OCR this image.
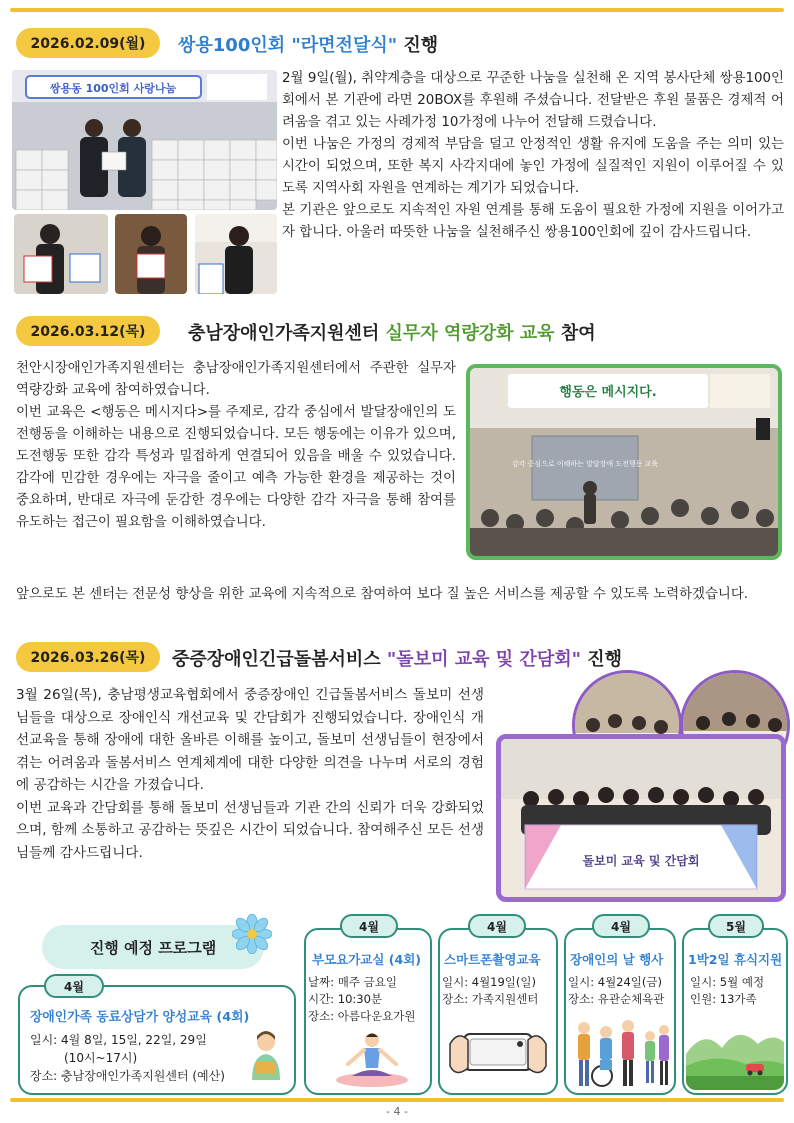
2026.02.09(월)	쌍용100인회 "라면전달식" 진행
쌍용동 100인회 사랑나눔

2월 9일(월), 취약계층을 대상으로 꾸준한 나눔을 실천해 온 지역 봉사단체 쌍용100인회에서 본 기관에 라면 20BOX를 후원해 주셨습니다. 전달받은 후원 물품은 경제적 어려움을 겪고 있는 사례가정 10가정에 나누어 전달해 드렸습니다.

이번 나눔은 가정의 경제적 부담을 덜고 안정적인 생활 유지에 도움을 주는 의미 있는 시간이 되었으며, 또한 복지 사각지대에 놓인 가정에 실질적인 지원이 이루어질 수 있도록 지역사회 자원을 연계하는 계기가 되었습니다.

본 기관은 앞으로도 지속적인 자원 연계를 통해 도움이 필요한 가정에 지원을 이어가고자 합니다. 아울러 따뜻한 나눔을 실천해주신 쌍용100인회에 깊이 감사드립니다.

2026.03.12(목)	충남장애인가족지원센터 실무자 역량강화 교육 참여

천안시장애인가족지원센터는 충남장애인가족지원센터에서 주관한 실무자 역량강화 교육에 참여하였습니다.

이번 교육은 <행동은 메시지다>를 주제로, 감각 중심에서 발달장애인의 도전행동을 이해하는 내용으로 진행되었습니다. 모든 행동에는 이유가 있으며, 도전행동 또한 감각 특성과 밀접하게 연결되어 있음을 배울 수 있었습니다. 감각에 민감한 경우에는 자극을 줄이고 예측 가능한 환경을 제공하는 것이 중요하며, 반대로 자극에 둔감한 경우에는 다양한 감각 자극을 통해 참여를 유도하는 접근이 필요함을 이해하였습니다.

앞으로도 본 센터는 전문성 향상을 위한 교육에 지속적으로 참여하여 보다 질 높은 서비스를 제공할 수 있도록 노력하겠습니다.

행동은 메시지다.
감각 중심으로 이해하는 발달장애 도전행동 교육
2026.03.26(목)	중증장애인긴급돌봄서비스 "돌보미 교육 및 간담회" 진행

3월 26일(목), 충남평생교육협회에서 중증장애인 긴급돌봄서비스 돌보미 선생님들을 대상으로 장애인식 개선교육 및 간담회가 진행되었습니다. 장애인식 개선교육을 통해 장애에 대한 올바른 이해를 높이고, 돌보미 선생님들이 현장에서 겪는 어려움과 돌봄서비스 연계체계에 대한 다양한 의견을 나누며 서로의 경험에 공감하는 시간을 가졌습니다.

이번 교육과 간담회를 통해 돌보미 선생님들과 기관 간의 신뢰가 더욱 강화되었으며, 함께 소통하고 공감하는 뜻깊은 시간이 되었습니다. 참여해주신 모든 선생님들께 감사드립니다.

돌보미 교육 및 간담회
진행 예정 프로그램
4월
장애인가족 동료상담가 양성교육 (4회)
일시: 4월 8일, 15일, 22일, 29일
(10시~17시)
장소: 충남장애인가족지원센터 (예산)
4월
부모요가교실 (4회)
날짜: 매주 금요일
시간: 10:30분
장소: 아름다운요가원
4월
스마트폰촬영교육
일시: 4월19일(일)
장소: 가족지원센터
4월
장애인의 날 행사
일시: 4월24일(금)
장소: 유관순체육관
5월
1박2일 휴식지원
일시: 5월 예정
인원: 13가족
- 4 -
